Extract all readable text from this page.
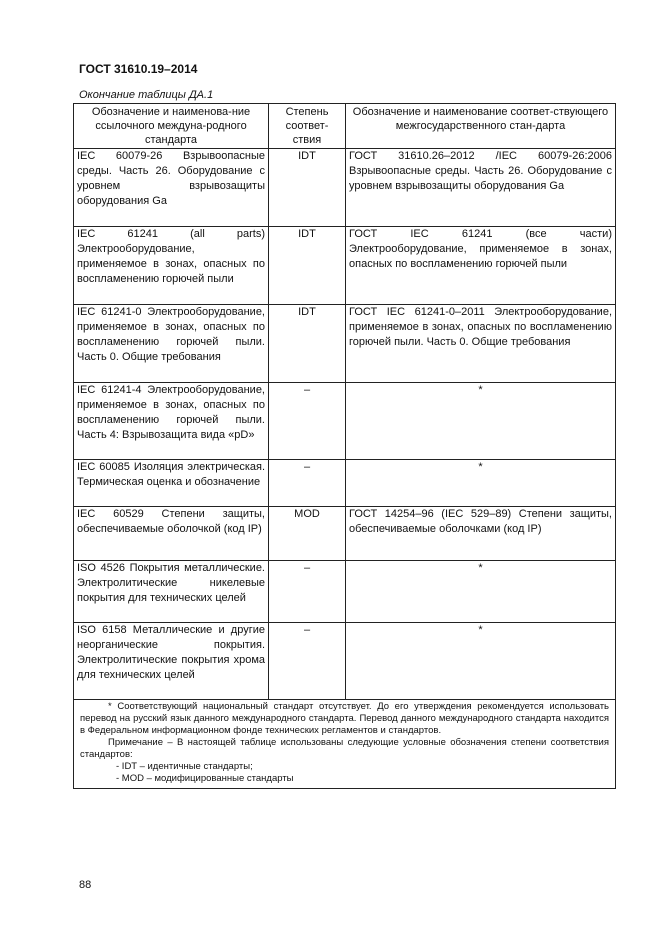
ГОСТ 31610.19–2014
Окончание таблицы ДА.1
Обозначение и наименова-ние ссылочного междуна-родного стандарта	Степень соответ-ствия	Обозначение и наименование соответ-ствующего межгосударственного стан-дарта
IEC 60079-26 Взрывоопасные среды. Часть 26. Оборудование с уровнем взрывозащиты оборудования Ga	IDT	ГОСТ 31610.26–2012 /IEC 60079-26:2006 Взрывоопасные среды. Часть 26. Оборудование с уровнем взрывозащиты оборудования Ga
IEC 61241 (all parts) Электрооборудование, применяемое в зонах, опасных по воспламенению горючей пыли	IDT	ГОСТ IEC 61241 (все части) Электрооборудование, применяемое в зонах, опасных по воспламенению горючей пыли
IEC 61241-0 Электрооборудование, применяемое в зонах, опасных по воспламенению горючей пыли. Часть 0. Общие требования	IDT	ГОСТ IEC 61241-0–2011 Электрооборудование, применяемое в зонах, опасных по воспламенению горючей пыли. Часть 0. Общие требования
IEC 61241-4 Электрооборудование, применяемое в зонах, опасных по воспламенению горючей пыли. Часть 4: Взрывозащита вида «pD»	–	*
IEC 60085 Изоляция электрическая. Термическая оценка и обозначение	–	*
IEC 60529 Степени защиты, обеспечиваемые оболочкой (код IP)	MOD	ГОСТ 14254–96 (IEC 529–89) Степени защиты, обеспечиваемые оболочками (код IP)
ISO 4526 Покрытия металлические. Электролитические никелевые покрытия для технических целей	–	*
ISO 6158 Металлические и другие неорганические покрытия. Электролитические покрытия хрома для технических целей	–	*

* Соответствующий национальный стандарт отсутствует. До его утверждения рекомендуется использовать перевод на русский язык данного международного стандарта. Перевод данного международного стандарта находится в Федеральном информационном фонде технических регламентов и стандартов.

Примечание – В настоящей таблице использованы следующие условные обозначения степени соответствия стандартов:

- IDT – идентичные стандарты;

- MOD – модифицированные стандарты		

88
